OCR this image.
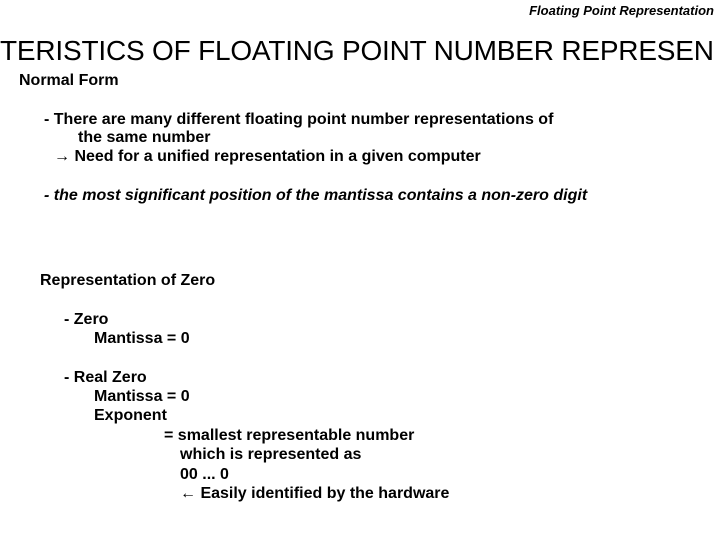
Floating Point Representation
TERISTICS OF FLOATING POINT NUMBER REPRESEN
Normal Form
- There are many different floating point number representations of
the same number
→ Need for a unified representation in a given computer
- the most significant position of the mantissa contains a non-zero digit
Representation of Zero
- Zero
Mantissa = 0
- Real Zero
Mantissa = 0
Exponent
= smallest representable number
which is represented as
00 ... 0
← Easily identified by the hardware
